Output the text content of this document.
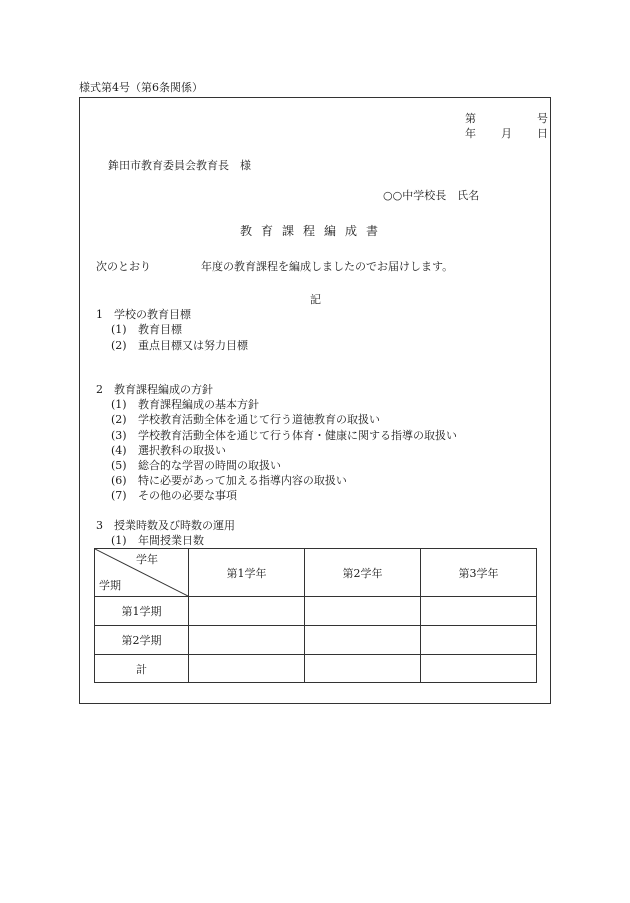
様式第4号（第6条関係）
第	号
年 月 日
鉾田市教育委員会教育長　様
○○中学校長　氏名
教育課程編成書
次のとおり	年度の教育課程を編成しましたのでお届けします。
記
1　学校の教育目標
(1) 教育目標
(2) 重点目標又は努力目標
2　教育課程編成の方針
(1) 教育課程編成の基本方針
(2) 学校教育活動全体を通じて行う道徳教育の取扱い
(3) 学校教育活動全体を通じて行う体育・健康に関する指導の取扱い
(4) 選択教科の取扱い
(5) 総合的な学習の時間の取扱い
(6) 特に必要があって加える指導内容の取扱い
(7) その他の必要な事項
3　授業時数及び時数の運用
(1) 年間授業日数
学年
学期	第1学年	第2学年	第3学年
第1学期			
第2学期			
計			
